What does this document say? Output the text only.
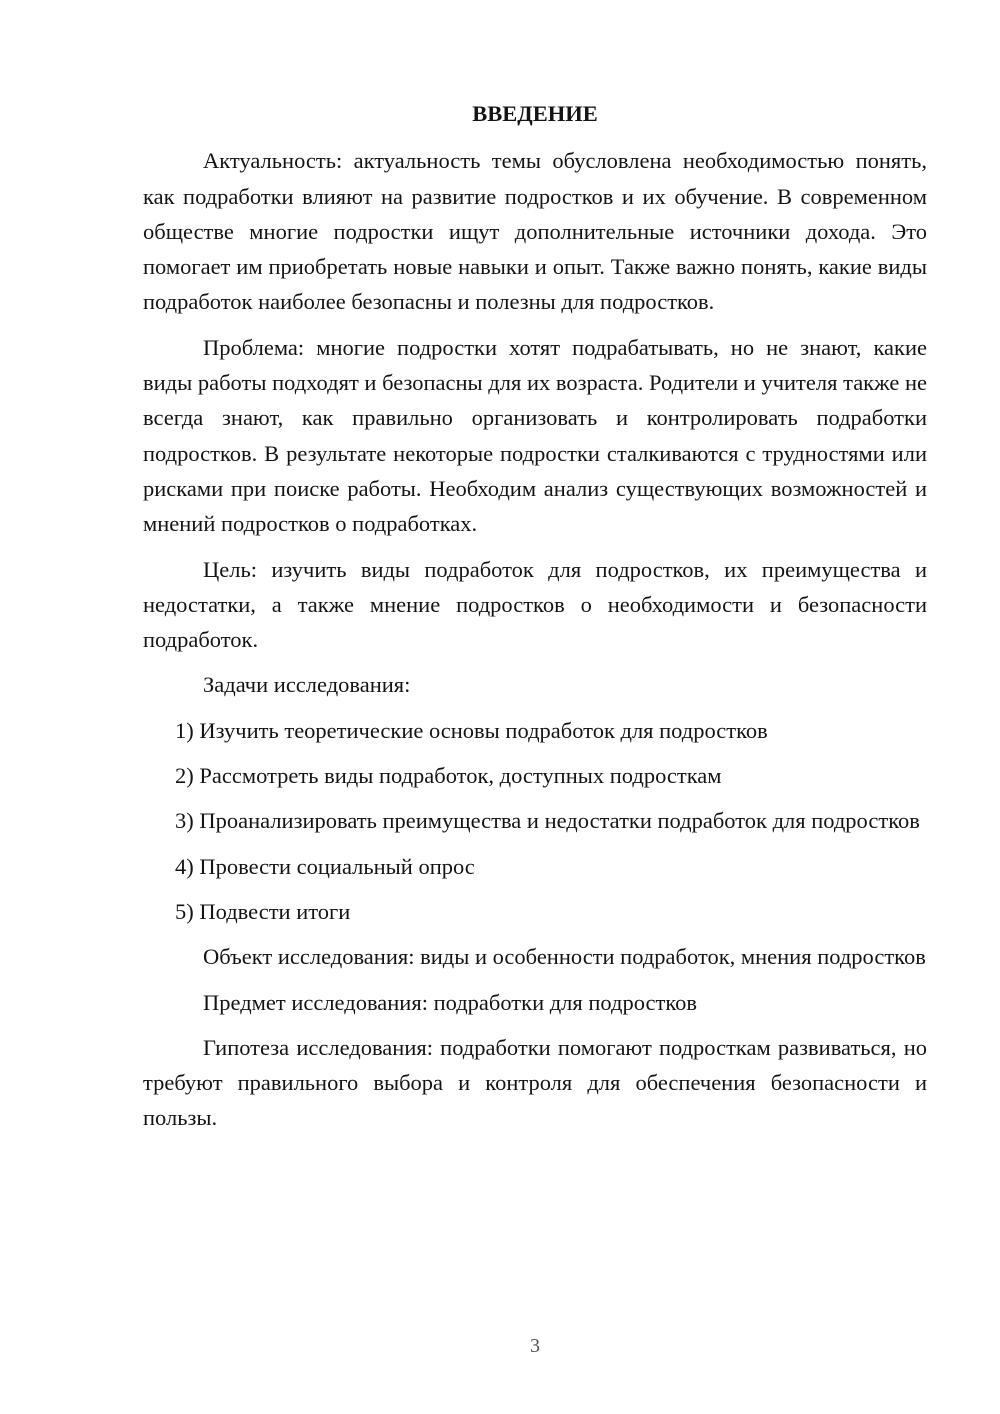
ВВЕДЕНИЕ

Актуальность: актуальность темы обусловлена необходимостью понять, как подработки влияют на развитие подростков и их обучение. В современном обществе многие подростки ищут дополнительные источники дохода. Это помогает им приобретать новые навыки и опыт. Также важно понять, какие виды подработок наиболее безопасны и полезны для подростков.

Проблема: многие подростки хотят подрабатывать, но не знают, какие виды работы подходят и безопасны для их возраста. Родители и учителя также не всегда знают, как правильно организовать и контролировать подработки подростков. В результате некоторые подростки сталкиваются с трудностями или рисками при поиске работы. Необходим анализ существующих возможностей и мнений подростков о подработках.

Цель: изучить виды подработок для подростков, их преимущества и недостатки, а также мнение подростков о необходимости и безопасности подработок.

Задачи исследования:

1) Изучить теоретические основы подработок для подростков

2) Рассмотреть виды подработок, доступных подросткам

3) Проанализировать преимущества и недостатки подработок для подростков

4) Провести социальный опрос

5) Подвести итоги

Объект исследования: виды и особенности подработок, мнения подростков

Предмет исследования: подработки для подростков

Гипотеза исследования: подработки помогают подросткам развиваться, но требуют правильного выбора и контроля для обеспечения безопасности и пользы.

3
